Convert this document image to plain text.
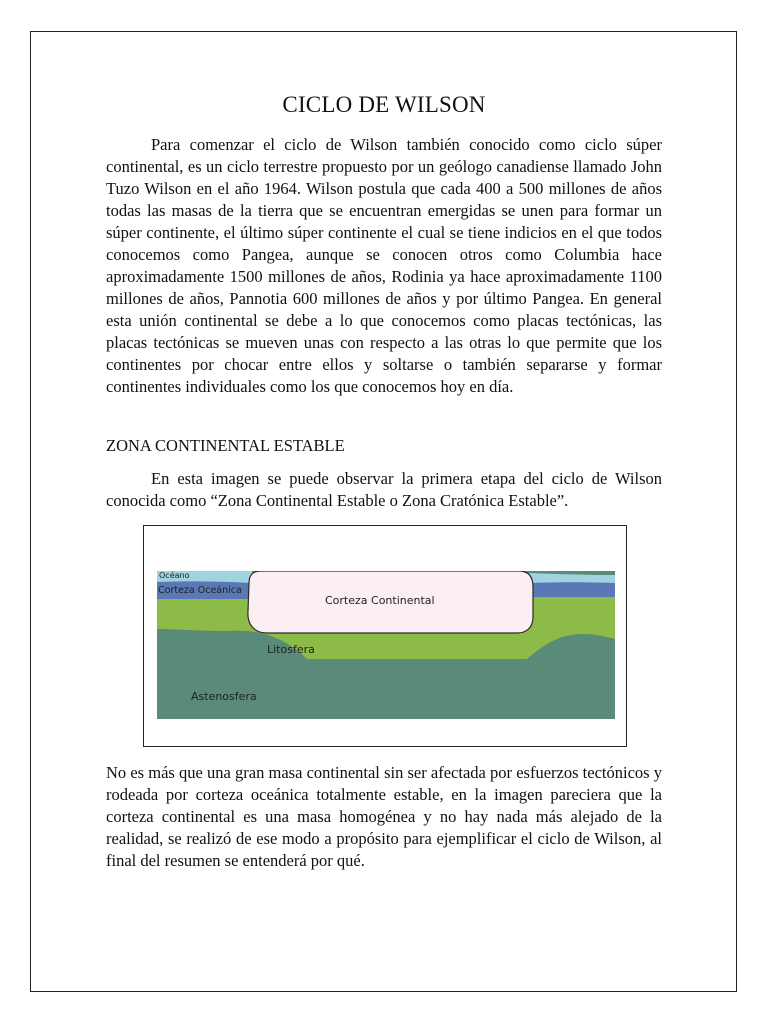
CICLO DE WILSON

Para comenzar el ciclo de Wilson también conocido como ciclo súper continental, es un ciclo terrestre propuesto por un geólogo canadiense llamado John Tuzo Wilson en el año 1964. Wilson postula que cada 400 a 500 millones de años todas las masas de la tierra que se encuentran emergidas se unen para formar un súper continente, el último súper continente el cual se tiene indicios en el que todos conocemos como Pangea, aunque se conocen otros como Columbia hace aproximadamente 1500 millones de años, Rodinia ya hace aproximadamente 1100 millones de años, Pannotia 600 millones de años y por último Pangea. En general esta unión continental se debe a lo que conocemos como placas tectónicas, las placas tectónicas se mueven unas con respecto a las otras lo que permite que los continentes por chocar entre ellos y soltarse o también separarse y formar continentes individuales como los que conocemos hoy en día.

ZONA CONTINENTAL ESTABLE

En esta imagen se puede observar la primera etapa del ciclo de Wilson conocida como “Zona Continental Estable o Zona Cratónica Estable”.

Océano
Corteza Oceánica
Corteza Continental
Litosfera
Astenosfera

No es más que una gran masa continental sin ser afectada por esfuerzos tectónicos y rodeada por corteza oceánica totalmente estable, en la imagen pareciera que la corteza continental es una masa homogénea y no hay nada más alejado de la realidad, se realizó de ese modo a propósito para ejemplificar el ciclo de Wilson, al final del resumen se entenderá por qué.
